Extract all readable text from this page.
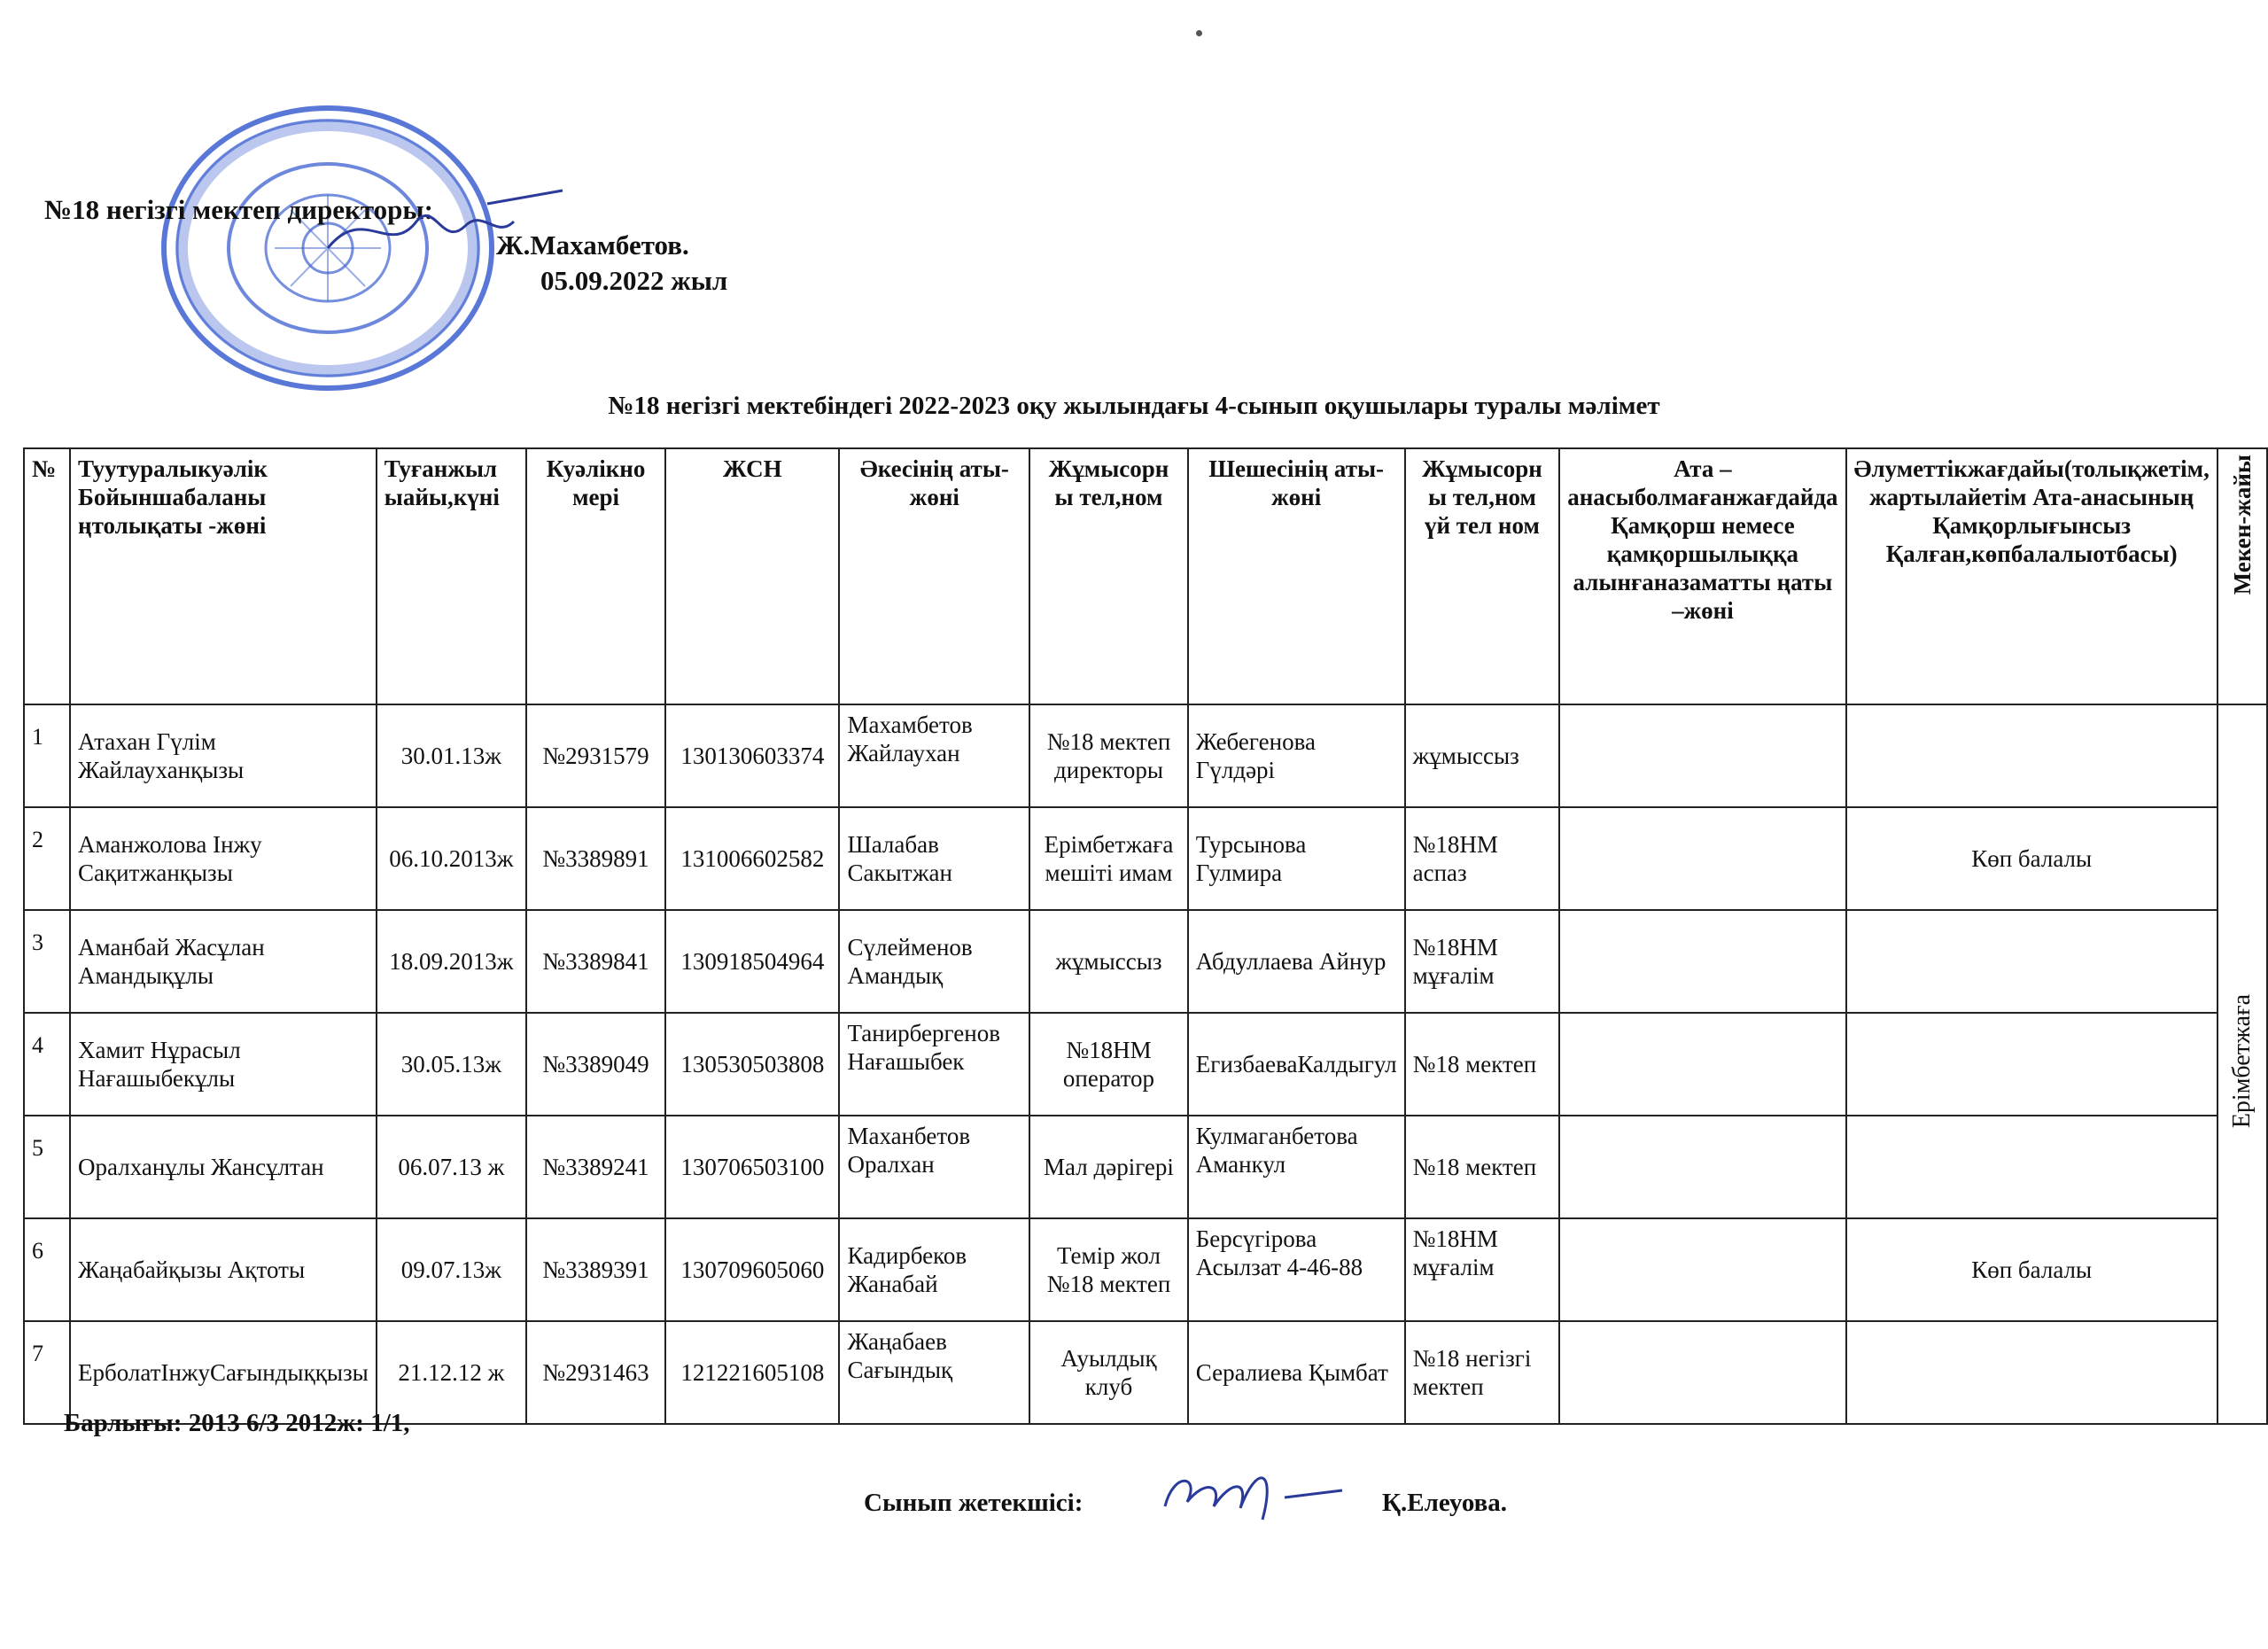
№18 негізгі мектеп директоры:
Ж.Махамбетов.
05.09.2022 жыл
№18 негізгі мектебіндегі 2022-2023 оқу жылындағы 4-сынып оқушылары туралы мәлімет
№	Туутуралыкуәлік Бойыншабаланы ңтолықаты -жөні	Туғанжыл ыайы,күні	Куәлікно мері	ЖСН	Әкесінің аты-жөні	Жұмысорн ы тел,ном	Шешесінің аты-жөні	Жұмысорн ы тел,ном үй тел ном	Ата – анасыболмағанжағдайда Қамқорш немесе қамқоршылыққа алынғаназаматты ңаты –жөні	Әлуметтікжағдайы(толықжетім, жартылайетім Ата-анасының Қамқорлығынсыз Қалған,көпбалалыотбасы)	Мекен-жайы
1	Атахан Гүлім Жайлауханқызы	30.01.13ж	№2931579	130130603374	Махамбетов Жайлаухан	№18 мектеп директоры	Жебегенова Гүлдәрі	жұмыссыз			Ерімбетжаға
2	Аманжолова Інжу Сақитжанқызы	06.10.2013ж	№3389891	131006602582	Шалабав Сакытжан	Ерімбетжаға мешіті имам	Турсынова Гулмира	№18НМ аспаз		Көп балалы	
3	Аманбай Жасұлан Амандықұлы	18.09.2013ж	№3389841	130918504964	Сүлейменов Амандық	жұмыссыз	Абдуллаева Айнур	№18НМ мұғалім			
4	Хамит Нұрасыл Нағашыбекұлы	30.05.13ж	№3389049	130530503808	Танирбергенов Нағашыбек	№18НМ оператор	ЕгизбаеваКалдыгул	№18 мектеп			
5	Оралханұлы Жансұлтан	06.07.13 ж	№3389241	130706503100	Маханбетов Оралхан	Мал дәрігері	Кулмаганбетова Аманкул	№18 мектеп			
6	Жаңабайқызы Ақтоты	09.07.13ж	№3389391	130709605060	Кадирбеков Жанабай	Темір жол №18 мектеп	Берсүгірова Асылзат 4-46-88	№18НМ мұғалім		Көп балалы	
7	ЕрболатІнжуСағындыққызы	21.12.12 ж	№2931463	121221605108	Жаңабаев Сағындық	Ауылдық клуб	Сералиева Қымбат	№18 негізгі мектеп			
Барлығы: 2013 6/3 2012ж: 1/1,
Сынып жетекшісі:	Қ.Елеуова.
